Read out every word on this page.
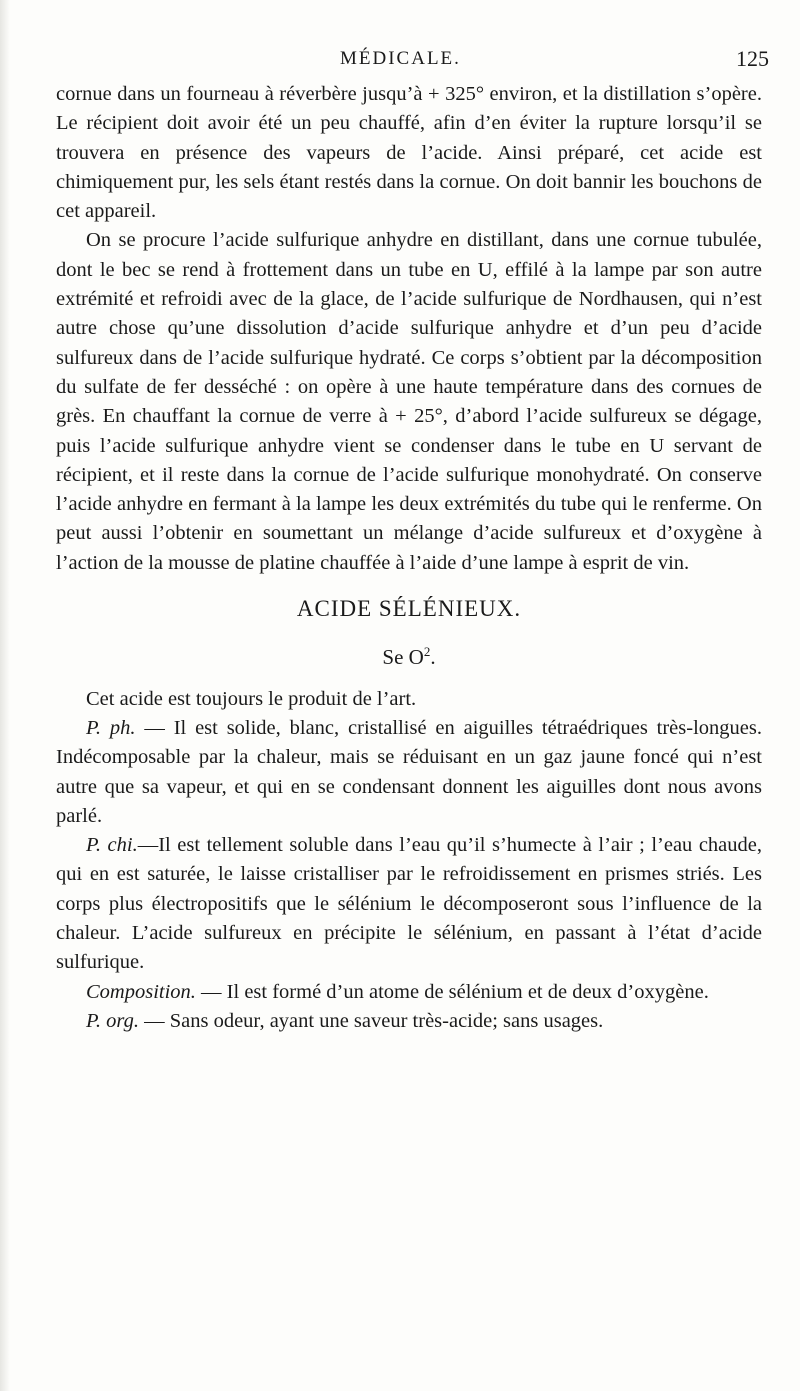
MÉDICALE.	125

cornue dans un fourneau à réverbère jusqu’à + 325° environ, et la distillation s’opère. Le récipient doit avoir été un peu chauffé, afin d’en éviter la rupture lorsqu’il se trouvera en présence des vapeurs de l’acide. Ainsi préparé, cet acide est chimiquement pur, les sels étant restés dans la cornue. On doit bannir les bouchons de cet appareil.

On se procure l’acide sulfurique anhydre en distillant, dans une cornue tubulée, dont le bec se rend à frottement dans un tube en U, effilé à la lampe par son autre extrémité et refroidi avec de la glace, de l’acide sulfurique de Nordhausen, qui n’est autre chose qu’une dissolution d’acide sulfurique anhydre et d’un peu d’acide sulfureux dans de l’acide sulfurique hydraté. Ce corps s’obtient par la décomposition du sulfate de fer desséché : on opère à une haute température dans des cornues de grès. En chauffant la cornue de verre à + 25°, d’abord l’acide sulfureux se dégage, puis l’acide sulfurique anhydre vient se condenser dans le tube en U servant de récipient, et il reste dans la cornue de l’acide sulfurique monohydraté. On conserve l’acide anhydre en fermant à la lampe les deux extrémités du tube qui le renferme. On peut aussi l’obtenir en soumettant un mélange d’acide sulfureux et d’oxygène à l’action de la mousse de platine chauffée à l’aide d’une lampe à esprit de vin.

ACIDE SÉLÉNIEUX.

Se $O^2$.

Cet acide est toujours le produit de l’art.

P. ph. — Il est solide, blanc, cristallisé en aiguilles tétraédriques très-longues. Indécomposable par la chaleur, mais se réduisant en un gaz jaune foncé qui n’est autre que sa vapeur, et qui en se condensant donnent les aiguilles dont nous avons parlé.

P. chi.—Il est tellement soluble dans l’eau qu’il s’humecte à l’air ; l’eau chaude, qui en est saturée, le laisse cristalliser par le refroidissement en prismes striés. Les corps plus électropositifs que le sélénium le décomposeront sous l’influence de la chaleur. L’acide sulfureux en précipite le sélénium, en passant à l’état d’acide sulfurique.

Composition. — Il est formé d’un atome de sélénium et de deux d’oxygène.

P. org. — Sans odeur, ayant une saveur très-acide; sans usages.
